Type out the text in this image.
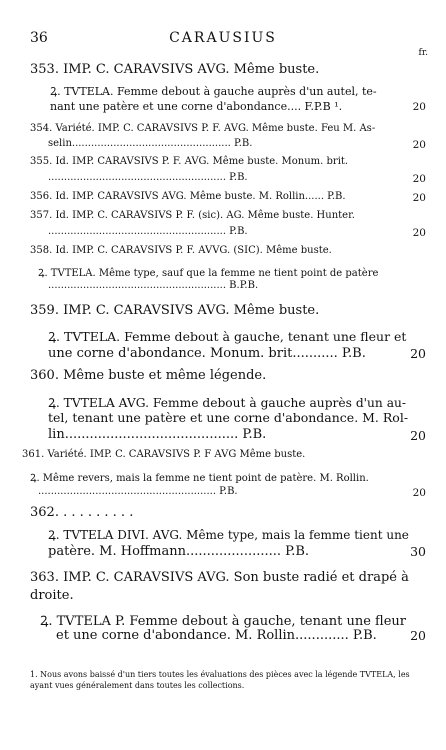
36	CARAUSIUS
fr.
353. IMP. C. CARAVSIVS AVG. Même buste.
Ꝝ. TVTELA. Femme debout à gauche auprès d'un autel, te-
nant une patère et une corne d'abondance.... F.P.B ¹.	20
354. Variété. IMP. C. CARAVSIVS P. F. AVG. Même buste. Feu M. As-
selin.................................................. P.B.	20
355. Id. IMP. CARAVSIVS P. F. AVG. Même buste. Monum. brit.
........................................................ P.B.	20
356. Id. IMP. CARAVSIVS AVG. Même buste. M. Rollin...... P.B.	20
357. Id. IMP. C. CARAVSIVS P. F. (sic). AG. Même buste. Hunter.
........................................................ P.B.	20
358. Id. IMP. C. CARAVSIVS P. F. AVVG. (SIC). Même buste.
Ꝝ. TVTELA. Même type, sauf que la femme ne tient point de patère
........................................................ B.P.B.
359. IMP. C. CARAVSIVS AVG. Même buste.
Ꝝ. TVTELA. Femme debout à gauche, tenant une fleur et
une corne d'abondance. Monum. brit........... P.B.	20
360. Même buste et même légende.
Ꝝ. TVTELA AVG. Femme debout à gauche auprès d'un au-
tel, tenant une patère et une corne d'abondance. M. Rol-
lin.......................................... P.B.	20
361. Variété. IMP. C. CARAVSIVS P. F AVG Même buste.
Ꝝ. Même revers, mais la femme ne tient point de patère. M. Rollin.
........................................................ P.B.	20
362. . . . . . . . . .
Ꝝ. TVTELA DIVI. AVG. Même type, mais la femme tient une
patère. M. Hoffmann....................... P.B.	30
363. IMP. C. CARAVSIVS AVG. Son buste radié et drapé à
droite.
Ꝝ. TVTELA P. Femme debout à gauche, tenant une fleur
et une corne d'abondance. M. Rollin............. P.B.	20
1. Nous avons baissé d'un tiers toutes les évaluations des pièces avec la légende TVTELA, les ayant vues généralement dans toutes les collections.
